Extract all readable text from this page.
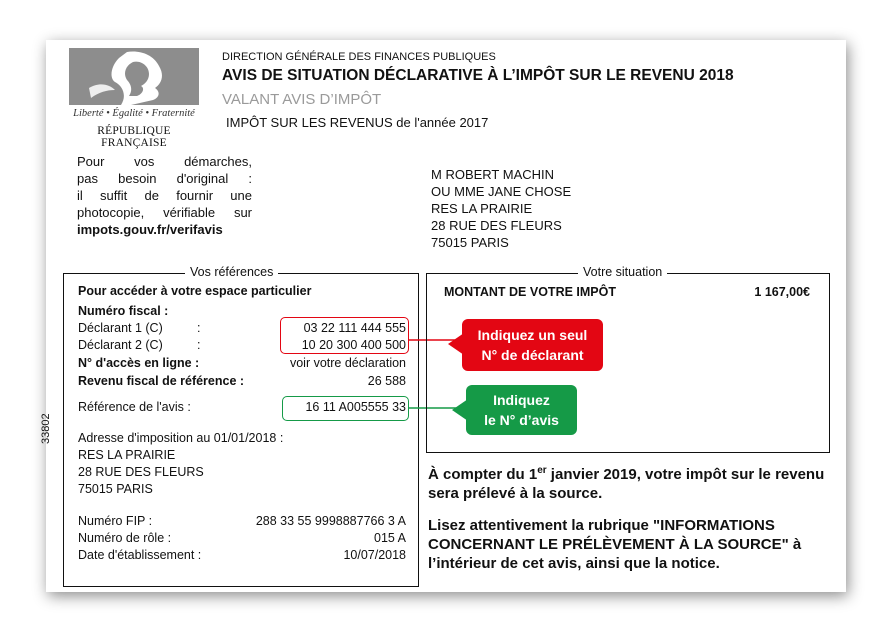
Liberté • Égalité • Fraternité
RÉPUBLIQUE FRANÇAISE
DIRECTION GÉNÉRALE DES FINANCES PUBLIQUES
AVIS DE SITUATION DÉCLARATIVE À L’IMPÔT SUR LE REVENU 2018
VALANT AVIS D’IMPÔT
IMPÔT SUR LES REVENUS de l'année 2017
Pour vos démarches,
pas besoin d'original :
il suffit de fournir une
photocopie, vérifiable sur
impots.gouv.fr/verifavis
M ROBERT MACHIN
OU MME JANE CHOSE
RES LA PRAIRIE
28 RUE DES FLEURS
75015 PARIS
33802
Vos références
Pour accéder à votre espace particulier
Numéro fiscal :
Déclarant 1 (C)	:	03 22 111 444 555
Déclarant 2 (C)	:	10 20 300 400 500
N° d'accès en ligne :	voir votre déclaration
Revenu fiscal de référence :	26 588
Référence de l'avis :	16 11 A005555 33
Adresse d'imposition au 01/01/2018 :
RES LA PRAIRIE
28 RUE DES FLEURS
75015 PARIS
Numéro FIP :	288 33 55 9998887766 3 A
Numéro de rôle :	015 A
Date d'établissement :	10/07/2018
Indiquez un seul
N° de déclarant
Indiquez
le N° d’avis
Votre situation
MONTANT DE VOTRE IMPÔT	1 167,00€

À compter du 1er janvier 2019, votre impôt sur le revenu sera prélevé à la source.

Lisez attentivement la rubrique "INFORMATIONS CONCERNANT LE PRÉLÈVEMENT À LA SOURCE" à l’intérieur de cet avis, ainsi que la notice.
